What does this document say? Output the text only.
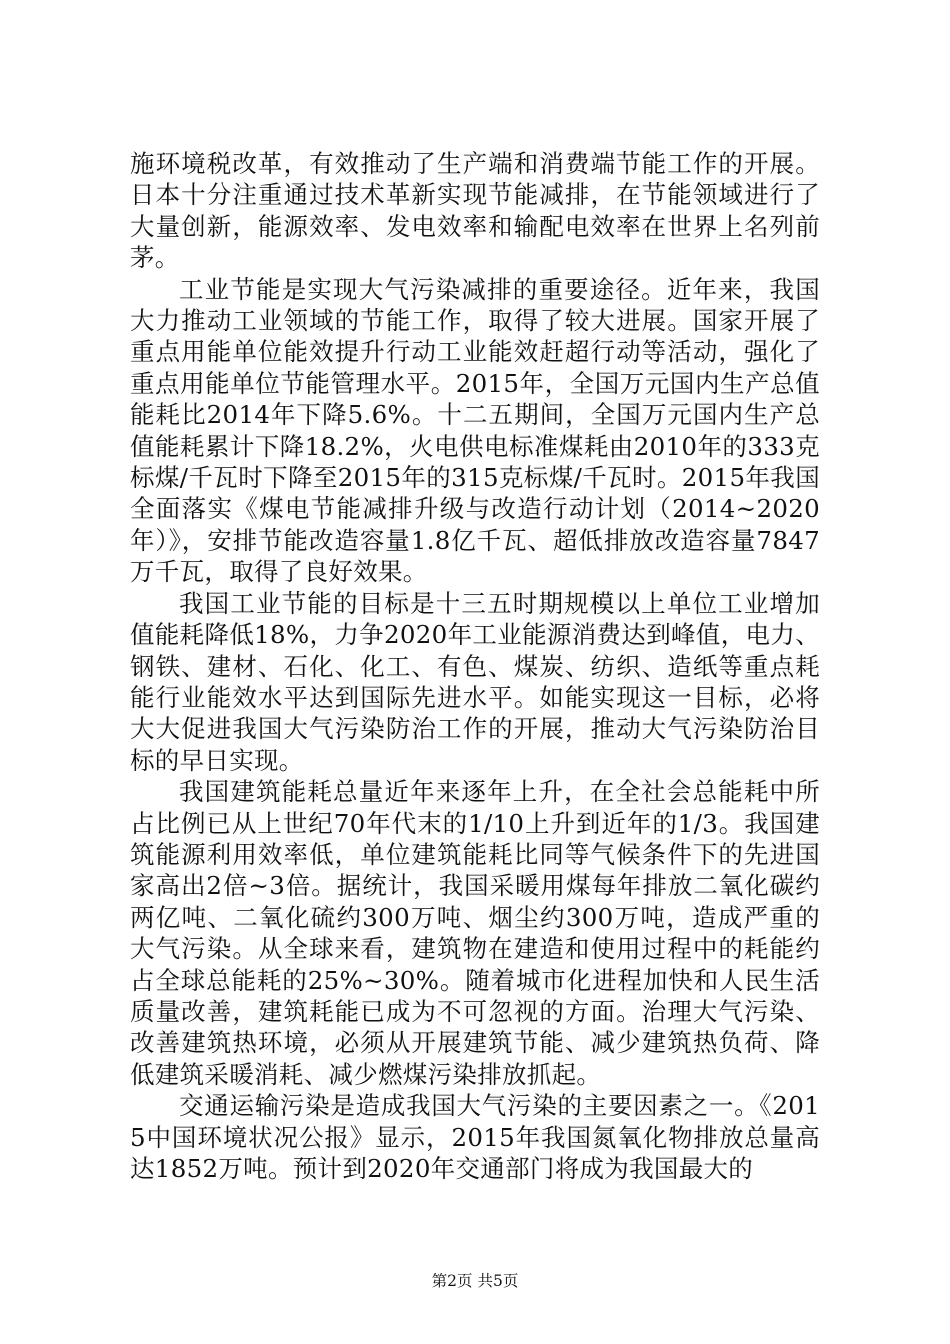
施环境税改革，有效推动了生产端和消费端节能工作的开展。日本十分注重通过技术革新实现节能减排，在节能领域进行了大量创新，能源效率、发电效率和输配电效率在世界上名列前茅。

工业节能是实现大气污染减排的重要途径。近年来，我国大力推动工业领域的节能工作，取得了较大进展。国家开展了重点用能单位能效提升行动工业能效赶超行动等活动，强化了重点用能单位节能管理水平。2015年，全国万元国内生产总值能耗比2014年下降5.6%。十二五期间，全国万元国内生产总值能耗累计下降18.2%，火电供电标准煤耗由2010年的333克标煤/千瓦时下降至2015年的315克标煤/千瓦时。2015年我国全面落实《煤电节能减排升级与改造行动计划（2014~2020年）》，安排节能改造容量1.8亿千瓦、超低排放改造容量7847万千瓦，取得了良好效果。

我国工业节能的目标是十三五时期规模以上单位工业增加值能耗降低18%，力争2020年工业能源消费达到峰值，电力、钢铁、建材、石化、化工、有色、煤炭、纺织、造纸等重点耗能行业能效水平达到国际先进水平。如能实现这一目标，必将大大促进我国大气污染防治工作的开展，推动大气污染防治目标的早日实现。

我国建筑能耗总量近年来逐年上升，在全社会总能耗中所占比例已从上世纪70年代末的1/10上升到近年的1/3。我国建筑能源利用效率低，单位建筑能耗比同等气候条件下的先进国家高出2倍~3倍。据统计，我国采暖用煤每年排放二氧化碳约两亿吨、二氧化硫约300万吨、烟尘约300万吨，造成严重的大气污染。从全球来看，建筑物在建造和使用过程中的耗能约占全球总能耗的25%~30%。随着城市化进程加快和人民生活质量改善，建筑耗能已成为不可忽视的方面。治理大气污染、改善建筑热环境，必须从开展建筑节能、减少建筑热负荷、降低建筑采暖消耗、减少燃煤污染排放抓起。

交通运输污染是造成我国大气污染的主要因素之一。《2015中国环境状况公报》显示，2015年我国氮氧化物排放总量高达1852万吨。预计到2020年交通部门将成为我国最大的

第2页 共5页
